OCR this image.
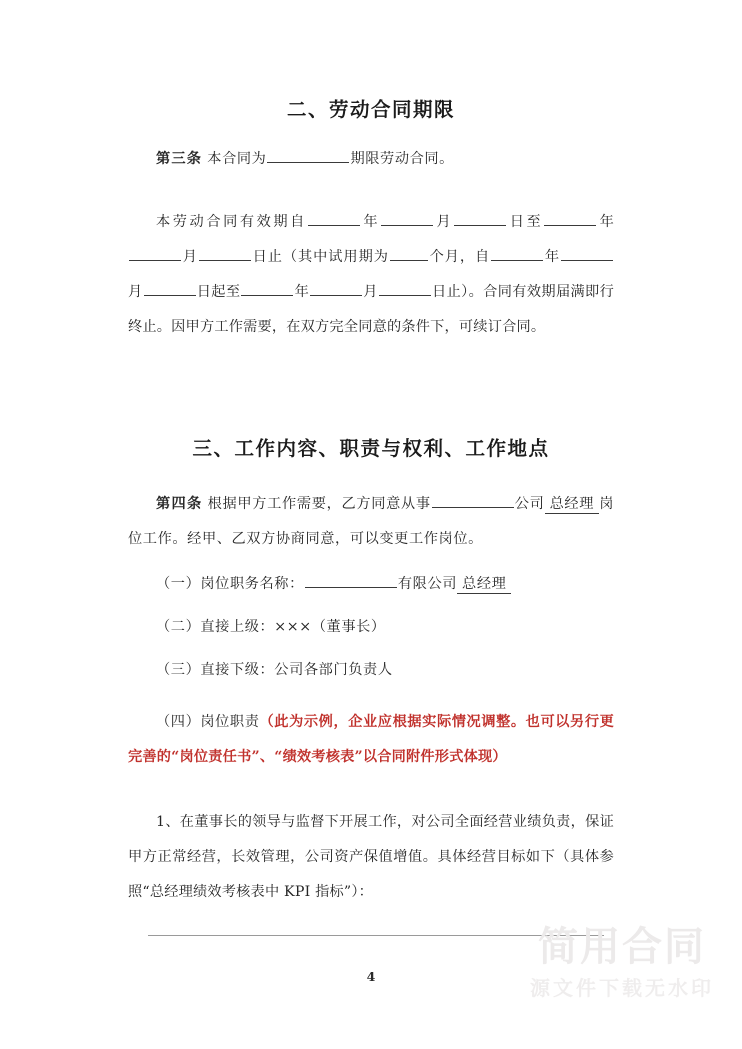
二、劳动合同期限
第三条 本合同为	期限劳动合同。
本劳动合同有效期自	年	月	日至	年月	日止（其中试用期为	个月，自	年月	日起至	年	月	日止）。合同有效期届满即行终止。因甲方工作需要，在双方完全同意的条件下，可续订合同。
三、工作内容、职责与权利、工作地点
第四条 根据甲方工作需要，乙方同意从事	公司 总经理 岗位工作。经甲、乙双方协商同意，可以变更工作岗位。
（一）岗位职务名称：	有限公司 总经理
（二）直接上级：×××（董事长）
（三）直接下级：公司各部门负责人
（四）岗位职责（此为示例，企业应根据实际情况调整。也可以另行更完善的“岗位责任书”、“绩效考核表”以合同附件形式体现）
1、在董事长的领导与监督下开展工作，对公司全面经营业绩负责，保证甲方正常经营，长效管理，公司资产保值增值。具体经营目标如下（具体参照“总经理绩效考核表中 KPI 指标”）：
4
简用合同
源文件下载无水印
